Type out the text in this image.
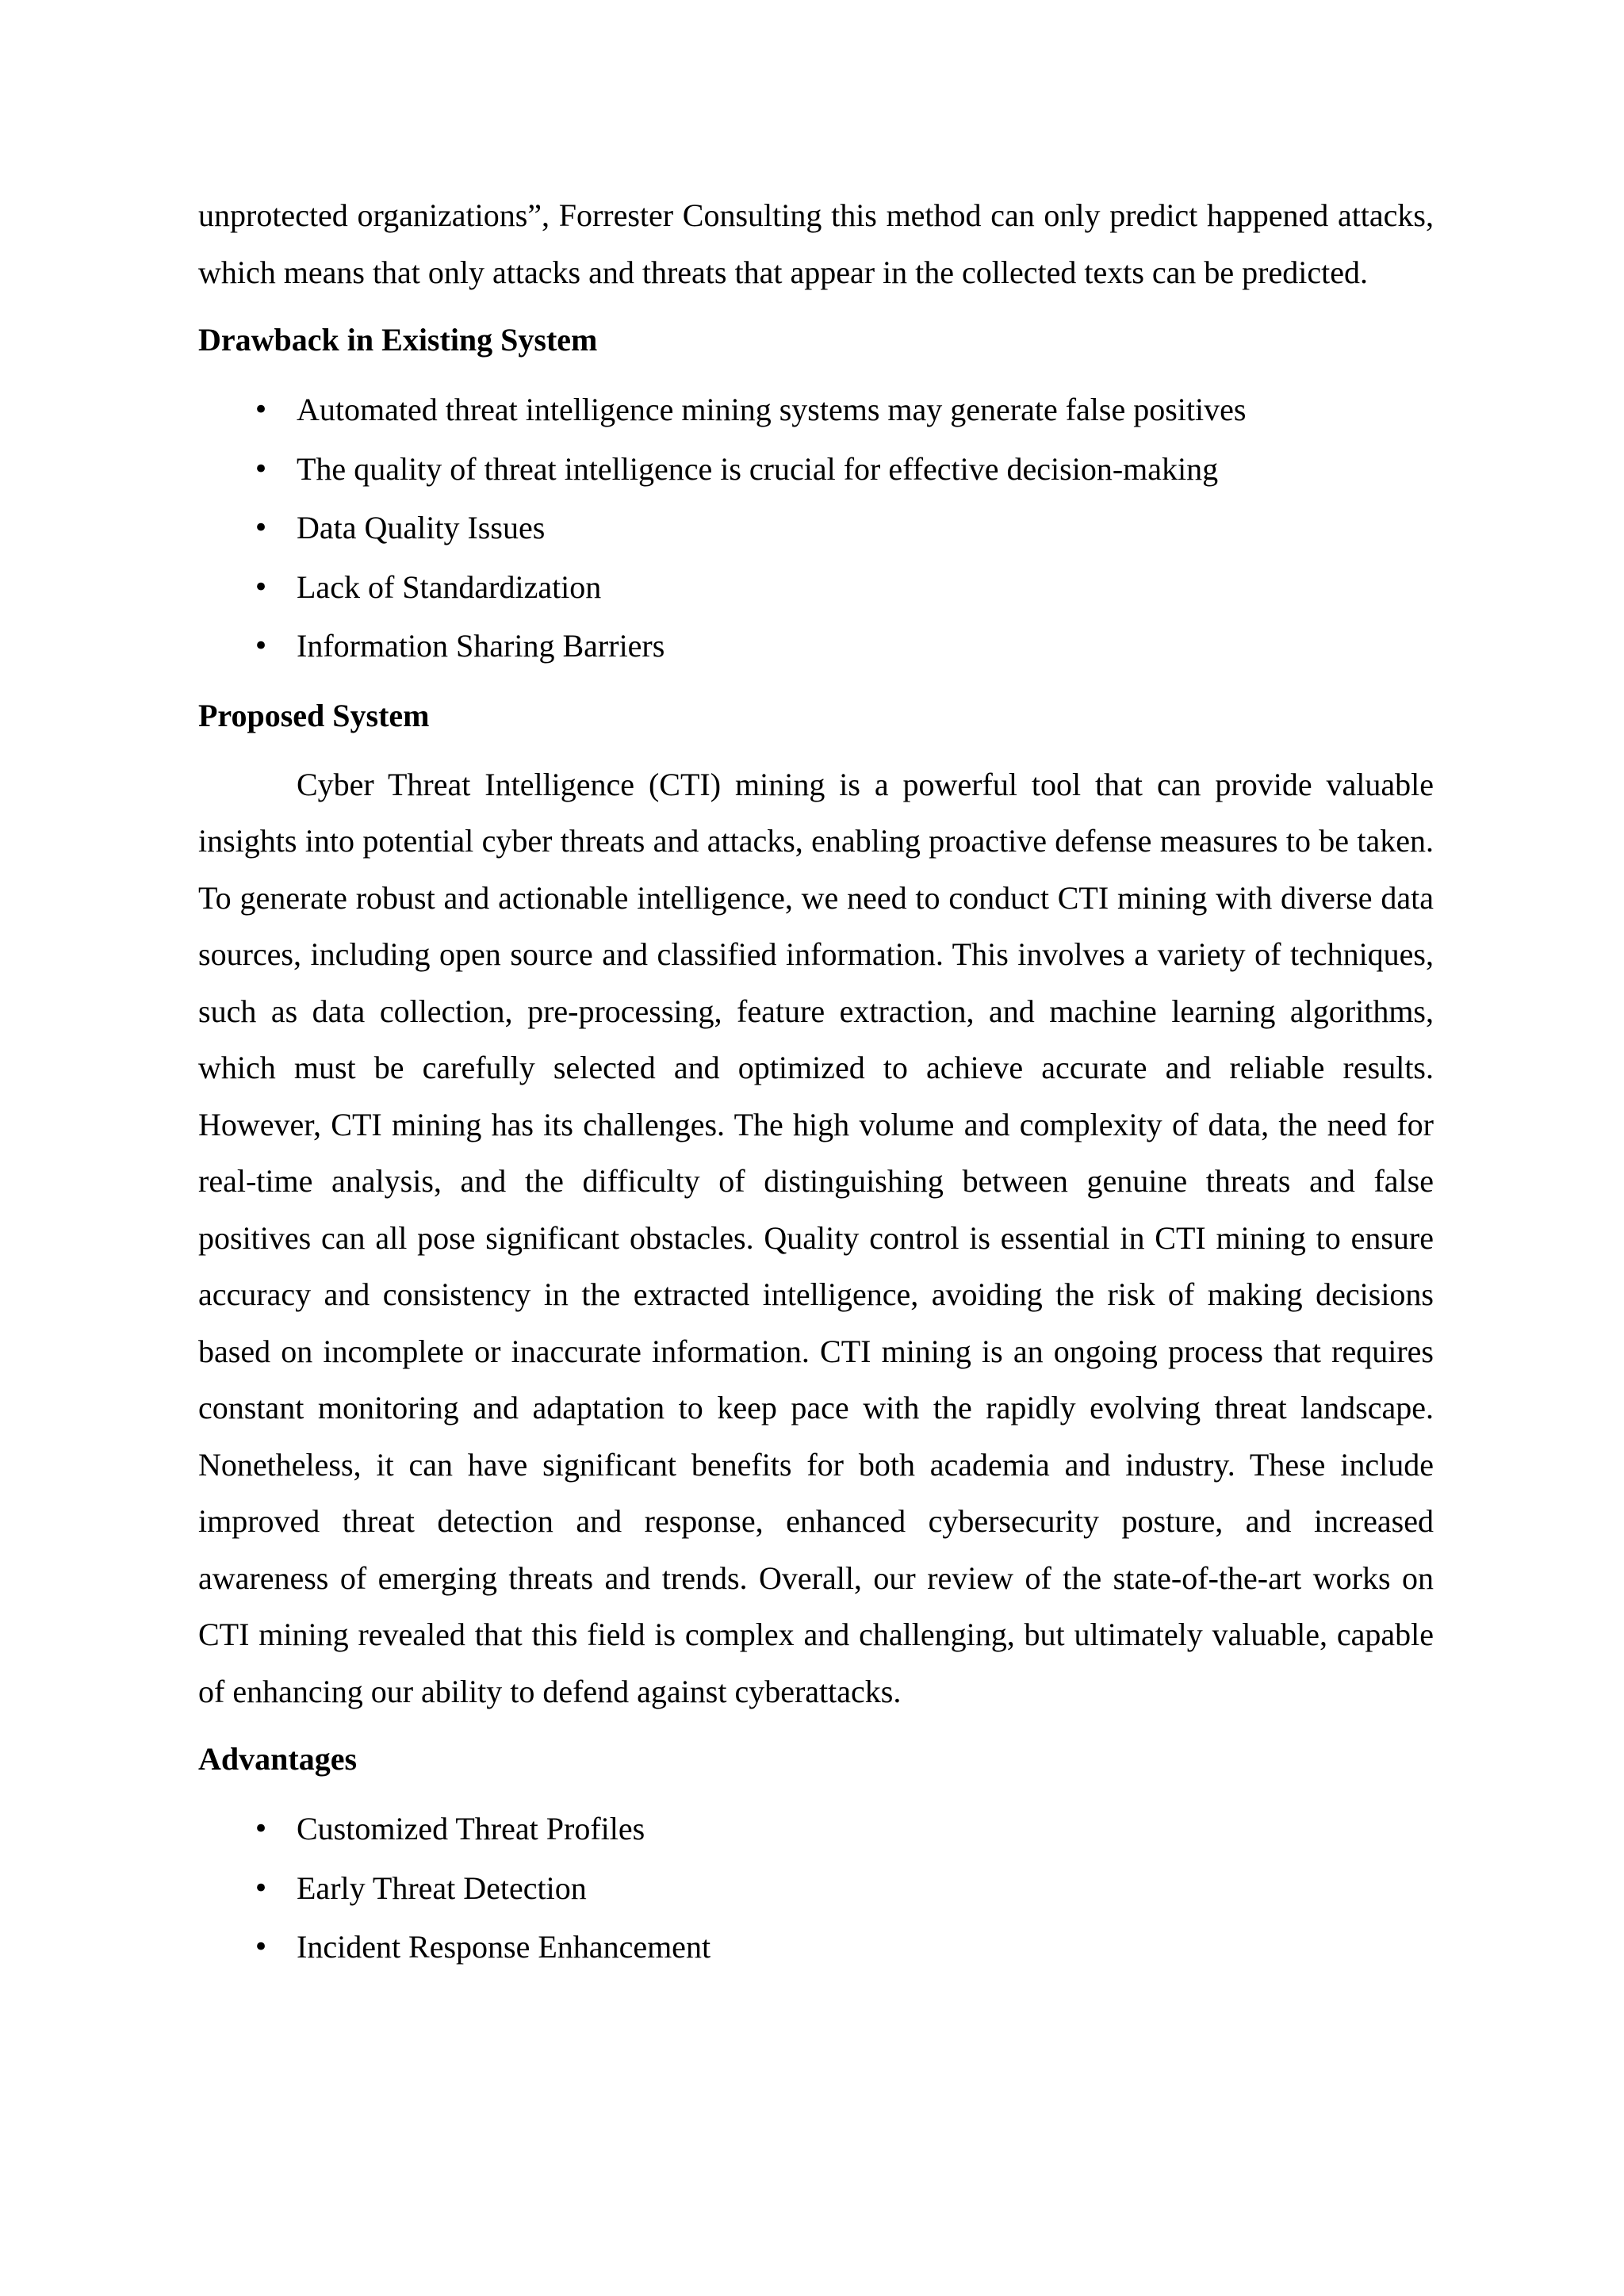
unprotected organizations”, Forrester Consulting this method can only predict happened attacks, which means that only attacks and threats that appear in the collected texts can be predicted.

Drawback in Existing System
• Automated threat intelligence mining systems may generate false positives
• The quality of threat intelligence is crucial for effective decision-making
• Data Quality Issues
• Lack of Standardization
• Information Sharing Barriers
Proposed System

Cyber Threat Intelligence (CTI) mining is a powerful tool that can provide valuable insights into potential cyber threats and attacks, enabling proactive defense measures to be taken. To generate robust and actionable intelligence, we need to conduct CTI mining with diverse data sources, including open source and classified information. This involves a variety of techniques, such as data collection, pre-processing, feature extraction, and machine learning algorithms, which must be carefully selected and optimized to achieve accurate and reliable results. However, CTI mining has its challenges. The high volume and complexity of data, the need for real-time analysis, and the difficulty of distinguishing between genuine threats and false positives can all pose significant obstacles. Quality control is essential in CTI mining to ensure accuracy and consistency in the extracted intelligence, avoiding the risk of making decisions based on incomplete or inaccurate information. CTI mining is an ongoing process that requires constant monitoring and adaptation to keep pace with the rapidly evolving threat landscape. Nonetheless, it can have significant benefits for both academia and industry. These include improved threat detection and response, enhanced cybersecurity posture, and increased awareness of emerging threats and trends. Overall, our review of the state-of-the-art works on CTI mining revealed that this field is complex and challenging, but ultimately valuable, capable of enhancing our ability to defend against cyberattacks.

Advantages
• Customized Threat Profiles
• Early Threat Detection
• Incident Response Enhancement
